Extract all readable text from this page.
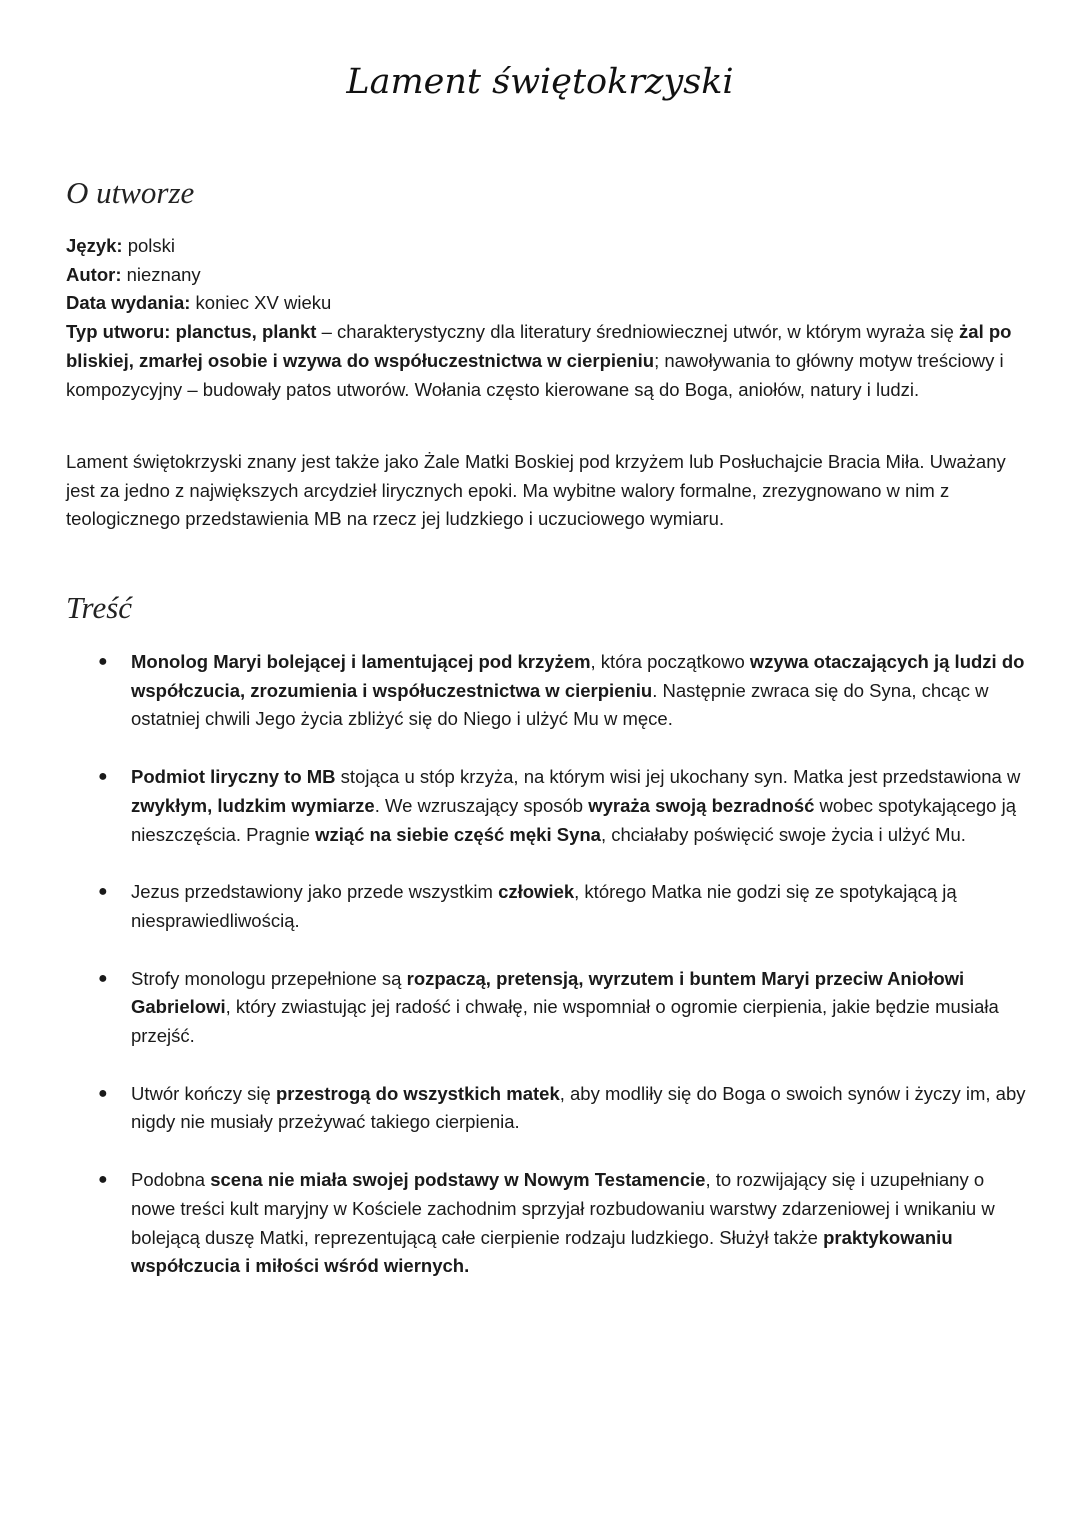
Lament świętokrzyski
O utworze

Język: polski

Autor: nieznany

Data wydania: koniec XV wieku

Typ utworu: planctus, plankt – charakterystyczny dla literatury średniowiecznej utwór, w którym wyraża się żal po bliskiej, zmarłej osobie i wzywa do współuczestnictwa w cierpieniu; nawoływania to główny motyw treściowy i kompozycyjny – budowały patos utworów. Wołania często kierowane są do Boga, aniołów, natury i ludzi.

Lament świętokrzyski znany jest także jako Żale Matki Boskiej pod krzyżem lub Posłuchajcie Bracia Miła. Uważany jest za jedno z największych arcydzieł lirycznych epoki. Ma wybitne walory formalne, zrezygnowano w nim z teologicznego przedstawienia MB na rzecz jej ludzkiego i uczuciowego wymiaru.

Treść
● Monolog Maryi bolejącej i lamentującej pod krzyżem, która początkowo wzywa otaczających ją ludzi do współczucia, zrozumienia i współuczestnictwa w cierpieniu. Następnie zwraca się do Syna, chcąc w ostatniej chwili Jego życia zbliżyć się do Niego i ulżyć Mu w męce.
● Podmiot liryczny to MB stojąca u stóp krzyża, na którym wisi jej ukochany syn. Matka jest przedstawiona w zwykłym, ludzkim wymiarze. We wzruszający sposób wyraża swoją bezradność wobec spotykającego ją nieszczęścia. Pragnie wziąć na siebie część męki Syna, chciałaby poświęcić swoje życia i ulżyć Mu.
● Jezus przedstawiony jako przede wszystkim człowiek, którego Matka nie godzi się ze spotykającą ją niesprawiedliwością.
● Strofy monologu przepełnione są rozpaczą, pretensją, wyrzutem i buntem Maryi przeciw Aniołowi Gabrielowi, który zwiastując jej radość i chwałę, nie wspomniał o ogromie cierpienia, jakie będzie musiała przejść.
● Utwór kończy się przestrogą do wszystkich matek, aby modliły się do Boga o swoich synów i życzy im, aby nigdy nie musiały przeżywać takiego cierpienia.
● Podobna scena nie miała swojej podstawy w Nowym Testamencie, to rozwijający się i uzupełniany o nowe treści kult maryjny w Kościele zachodnim sprzyjał rozbudowaniu warstwy zdarzeniowej i wnikaniu w bolejącą duszę Matki, reprezentującą całe cierpienie rodzaju ludzkiego. Służył także praktykowaniu współczucia i miłości wśród wiernych.
